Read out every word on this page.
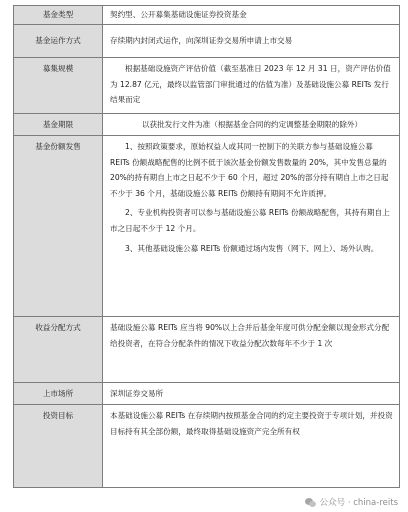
基金类型	契约型、公开募集基础设施证券投资基金
基金运作方式	存续期内封闭式运作，向深圳证券交易所申请上市交易
募集规模	根据基础设施资产评估价值（截至基准日 2023 年 12 月 31 日，资产评估价值为 12.87 亿元，最终以监管部门审批通过的估值为准）及基础设施公募 REITs 发行结果而定

基金期限	以获批发行文件为准（根据基金合同的约定调整基金期限的除外）
基金份额发售	1、按照政策要求，原始权益人或其同一控制下的关联方参与基础设施公募 REITs 份额战略配售的比例不低于该次基金份额发售数量的 20%，其中发售总量的 20%的持有期自上市之日起不少于 60 个月，超过 20%的部分持有期自上市之日起不少于 36 个月，基础设施公募 REITs 份额持有期间不允许质押。

2、专业机构投资者可以参与基础设施公募 REITs 份额战略配售，其持有期自上市之日起不少于 12 个月。

3、其他基础设施公募 REITs 份额通过场内发售（网下、网上）、场外认购。

收益分配方式	基础设施公募 REITs 应当将 90%以上合并后基金年度可供分配金额以现金形式分配给投资者，在符合分配条件的情况下收益分配次数每年不少于 1 次

上市场所	深圳证券交易所
投资目标	本基础设施公募 REITs 在存续期内按照基金合同的约定主要投资于专项计划，并投资目标持有其全部份额，最终取得基础设施资产完全所有权

公众号 · china-reits
